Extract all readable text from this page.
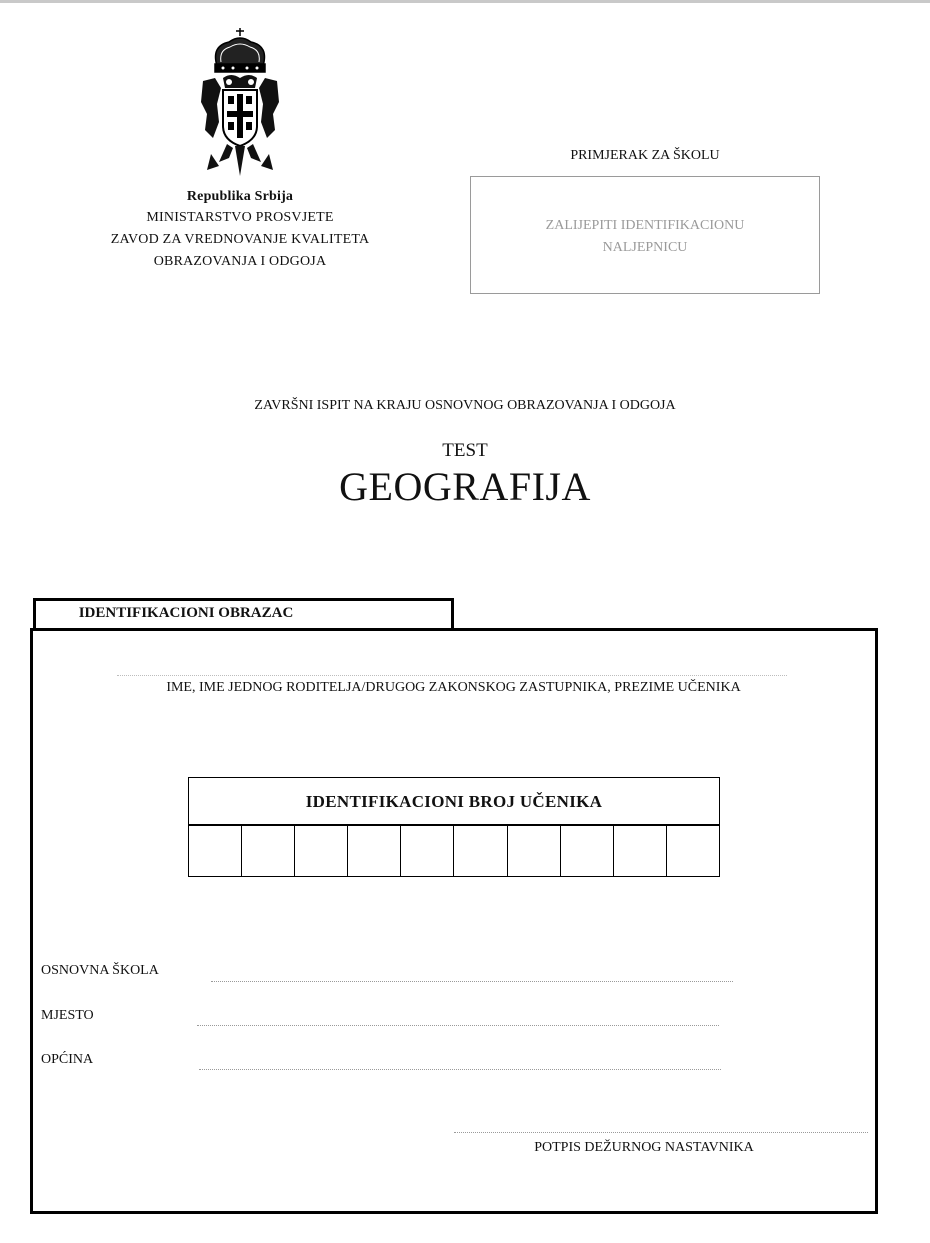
Republika Srbija
MINISTARSTVO PROSVJETE
ZAVOD ZA VREDNOVANJE KVALITETA
OBRAZOVANJA I ODGOJA
PRIMJERAK ZA ŠKOLU
ZALIJEPITI IDENTIFIKACIONU
NALJEPNICU
ZAVRŠNI ISPIT NA KRAJU OSNOVNOG OBRAZOVANJA I ODGOJA
TEST
GEOGRAFIJA
IDENTIFIKACIONI OBRAZAC
IME, IME JEDNOG RODITELJA/DRUGOG ZAKONSKOG ZASTUPNIKA, PREZIME UČENIKA
IDENTIFIKACIONI BROJ UČENIKA
OSNOVNA ŠKOLA
MJESTO
OPĆINA
POTPIS DEŽURNOG NASTAVNIKA
